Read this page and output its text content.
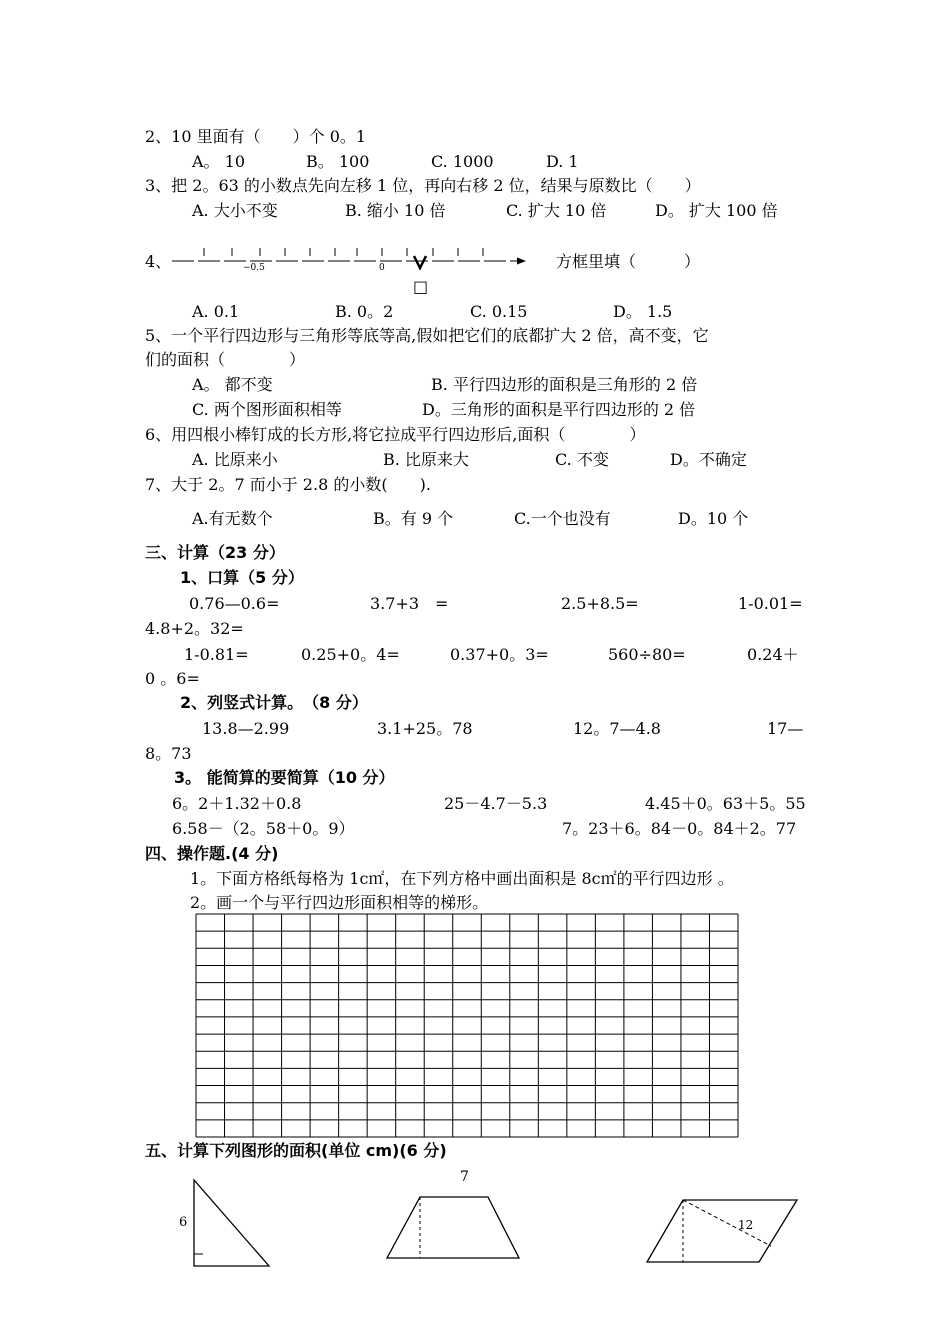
2、10 里面有（　　）个 0。1
A。 10	B。 100	C. 1000	D. 1
3、把 2。63 的小数点先向左移 1 位，再向右移 2 位，结果与原数比（　　）
A. 大小不变	B. 缩小 10 倍	C. 扩大 10 倍	D。 扩大 100 倍
4、	−0.5	0
□
方框里填（　　　）
A. 0.1	B. 0。2	C. 0.15	D。 1.5
5、一个平行四边形与三角形等底等高,假如把它们的底都扩大 2 倍，高不变，它
们的面积（　　　　）
A。 都不变	B. 平行四边形的面积是三角形的 2 倍
C. 两个图形面积相等	D。三角形的面积是平行四边形的 2 倍
6、用四根小棒钉成的长方形,将它拉成平行四边形后,面积（　　　　）
A. 比原来小	B. 比原来大	C. 不变	D。不确定
7、大于 2。7 而小于 2.8 的小数(　　).
A.有无数个	B。有 9 个	C.一个也没有	D。10 个
三、计算（23 分）
1、口算（5 分）
0.76—0.6=	3.7+3　=	2.5+8.5=	1-0.01=
4.8+2。32=
1-0.81=	0.25+0。4=	0.37+0。3=	560÷80=	0.24＋
0 。6=
2、列竖式计算。　（8 分）
13.8—2.99	3.1+25。78	12。7—4.8	17—
8。73
3。 能简算的要简算（10 分）
6。2＋1.32＋0.8	25－4.7－5.3	4.45＋0。63＋5。55
6.58－（2。58＋0。9）	7。23＋6。84－0。84＋2。77
四、操作题.(4 分)
1。下面方格纸每格为 1c㎡，在下列方格中画出面积是 8c㎡的平行四边形 。
2。画一个与平行四边形面积相等的梯形。
五、计算下列图形的面积(单位 cm)(6 分)
6
7
12
